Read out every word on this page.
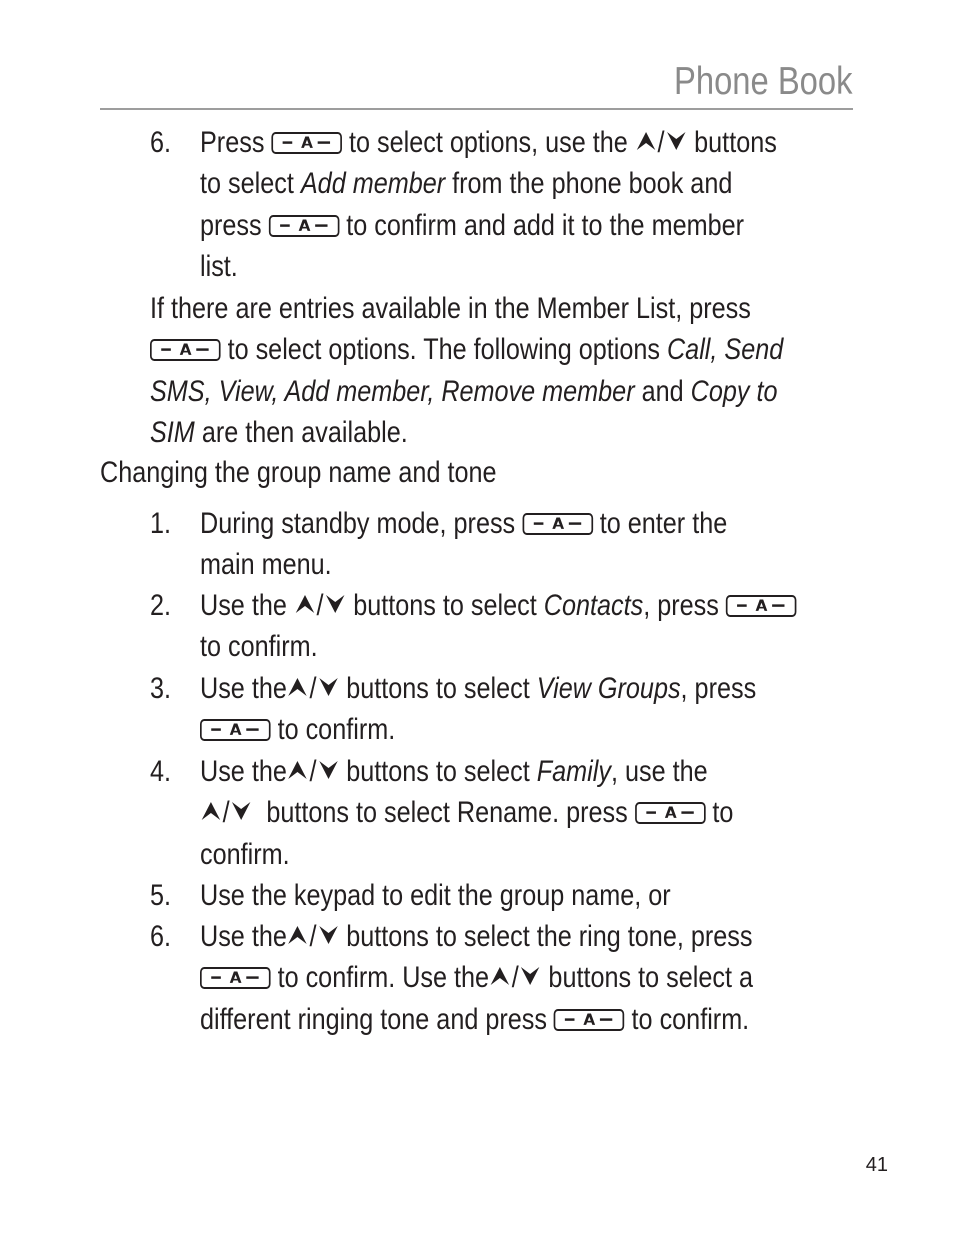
Phone Book
6. Press	to select options, use the / buttons
to select Add member from the phone book and
press	to confirm and add it to the member
list.
If there are entries available in the Member List, press
to select options. The following options Call, Send
SMS, View, Add member, Remove member and Copy to
SIM are then available.
Changing the group name and tone
1. During standby mode, press	to enter the
main menu.
2. Use the / buttons to select Contacts, press
to confirm.
3. Use the / buttons to select View Groups, press
to confirm.
4. Use the / buttons to select Family, use the
/ buttons to select Rename. press	to
confirm.
5. Use the keypad to edit the group name, or
6. Use the / buttons to select the ring tone, press
to confirm. Use the / buttons to select a
different ringing tone and press	to confirm.
41
